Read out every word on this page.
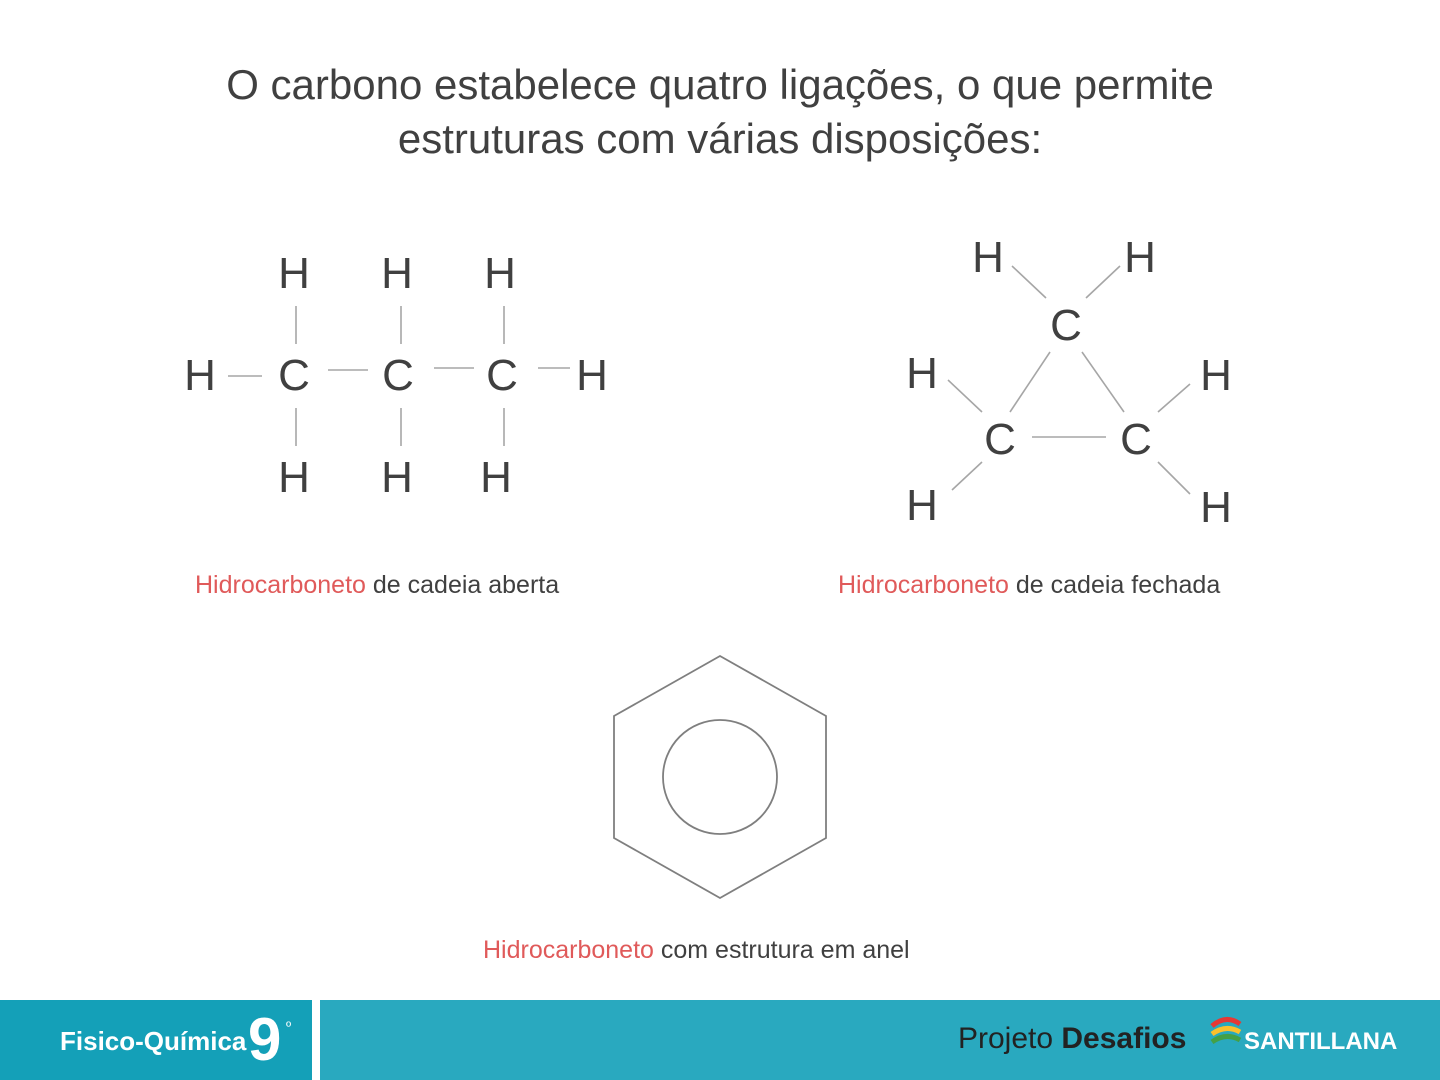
O carbono estabelece quatro ligações, o que permite
estruturas com várias disposições:
H H H
H C C C H
H H H
Hidrocarboneto de cadeia aberta
H	H
C
H	H
C C
H	H
Hidrocarboneto de cadeia fechada
Hidrocarboneto com estrutura em anel
Fisico-Química 9 º	Projeto Desafios SANTILLANA
